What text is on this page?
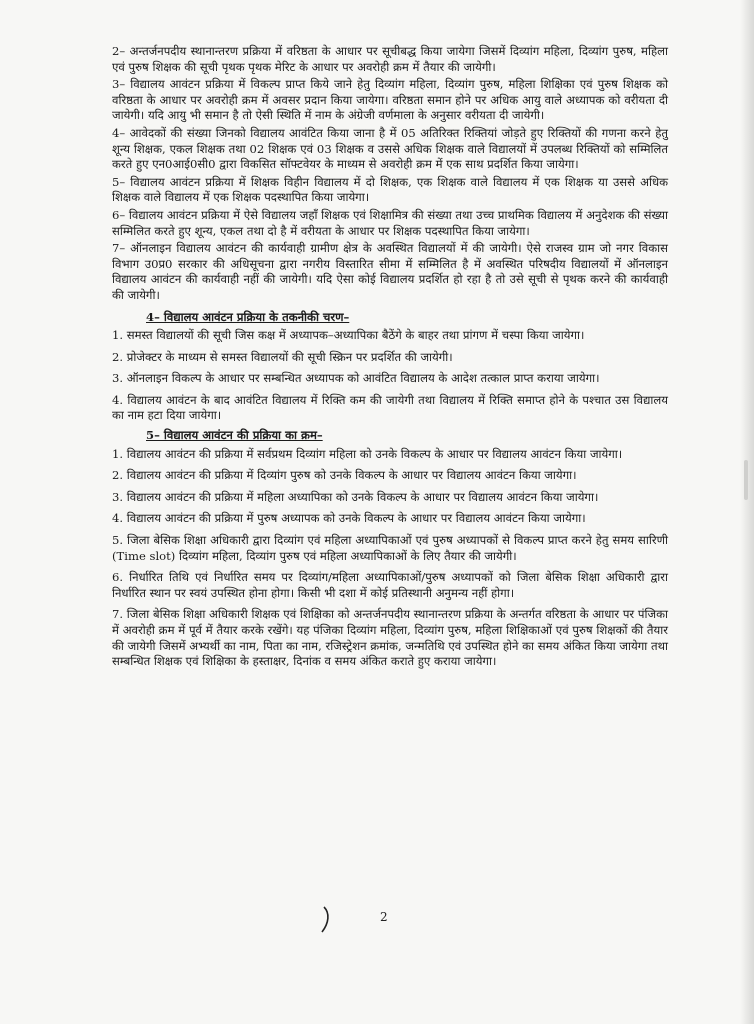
2– अन्तर्जनपदीय स्थानान्तरण प्रक्रिया में वरिष्ठता के आधार पर सूचीबद्ध किया जायेगा जिसमें दिव्यांग महिला, दिव्यांग पुरुष, महिला एवं पुरुष शिक्षक की सूची पृथक पृथक मेरिट के आधार पर अवरोही क्रम में तैयार की जायेगी।

3– विद्यालय आवंटन प्रक्रिया में विकल्प प्राप्त किये जाने हेतु दिव्यांग महिला, दिव्यांग पुरुष, महिला शिक्षिका एवं पुरुष शिक्षक को वरिष्ठता के आधार पर अवरोही क्रम में अवसर प्रदान किया जायेगा। वरिष्ठता समान होने पर अधिक आयु वाले अध्यापक को वरीयता दी जायेगी। यदि आयु भी समान है तो ऐसी स्थिति में नाम के अंग्रेजी वर्णमाला के अनुसार वरीयता दी जायेगी।

4– आवेदकों की संख्या जिनको विद्यालय आवंटित किया जाना है में 05 अतिरिक्त रिक्तियां जोड़ते हुए रिक्तियों की गणना करने हेतु शून्य शिक्षक, एकल शिक्षक तथा 02 शिक्षक एवं 03 शिक्षक व उससे अधिक शिक्षक वाले विद्यालयों में उपलब्ध रिक्तियों को सम्मिलित करते हुए एन0आई0सी0 द्वारा विकसित सॉफ्टवेयर के माध्यम से अवरोही क्रम में एक साथ प्रदर्शित किया जायेगा।

5– विद्यालय आवंटन प्रक्रिया में शिक्षक विहीन विद्यालय में दो शिक्षक, एक शिक्षक वाले विद्यालय में एक शिक्षक या उससे अधिक शिक्षक वाले विद्यालय में एक शिक्षक पदस्थापित किया जायेगा।

6– विद्यालय आवंटन प्रक्रिया में ऐसे विद्यालय जहाँ शिक्षक एवं शिक्षामित्र की संख्या तथा उच्च प्राथमिक विद्यालय में अनुदेशक की संख्या सम्मिलित करते हुए शून्य, एकल तथा दो है में वरीयता के आधार पर शिक्षक पदस्थापित किया जायेगा।

7– ऑनलाइन विद्यालय आवंटन की कार्यवाही ग्रामीण क्षेत्र के अवस्थित विद्यालयों में की जायेगी। ऐसे राजस्व ग्राम जो नगर विकास विभाग उ0प्र0 सरकार की अधिसूचना द्वारा नगरीय विस्तारित सीमा में सम्मिलित है में अवस्थित परिषदीय विद्यालयों में ऑनलाइन विद्यालय आवंटन की कार्यवाही नहीं की जायेगी। यदि ऐसा कोई विद्यालय प्रदर्शित हो रहा है तो उसे सूची से पृथक करने की कार्यवाही की जायेगी।

4– विद्यालय आवंटन प्रक्रिया के तकनीकी चरण–

1. समस्त विद्यालयों की सूची जिस कक्ष में अध्यापक–अध्यापिका बैठेंगे के बाहर तथा प्रांगण में चस्पा किया जायेगा।

2. प्रोजेक्टर के माध्यम से समस्त विद्यालयों की सूची स्क्रिन पर प्रदर्शित की जायेगी।

3. ऑनलाइन विकल्प के आधार पर सम्बन्धित अध्यापक को आवंटित विद्यालय के आदेश तत्काल प्राप्त कराया जायेगा।

4. विद्यालय आवंटन के बाद आवंटित विद्यालय में रिक्ति कम की जायेगी तथा विद्यालय में रिक्ति समाप्त होने के पश्चात उस विद्यालय का नाम हटा दिया जायेगा।

5– विद्यालय आवंटन की प्रक्रिया का क्रम–

1. विद्यालय आवंटन की प्रक्रिया में सर्वप्रथम दिव्यांग महिला को उनके विकल्प के आधार पर विद्यालय आवंटन किया जायेगा।

2. विद्यालय आवंटन की प्रक्रिया में दिव्यांग पुरुष को उनके विकल्प के आधार पर विद्यालय आवंटन किया जायेगा।

3. विद्यालय आवंटन की प्रक्रिया में महिला अध्यापिका को उनके विकल्प के आधार पर विद्यालय आवंटन किया जायेगा।

4. विद्यालय आवंटन की प्रक्रिया में पुरुष अध्यापक को उनके विकल्प के आधार पर विद्यालय आवंटन किया जायेगा।

5. जिला बेसिक शिक्षा अधिकारी द्वारा दिव्यांग एवं महिला अध्यापिकाओं एवं पुरुष अध्यापकों से विकल्प प्राप्त करने हेतु समय सारिणी (Time slot) दिव्यांग महिला, दिव्यांग पुरुष एवं महिला अध्यापिकाओं के लिए तैयार की जायेगी।

6. निर्धारित तिथि एवं निर्धारित समय पर दिव्यांग/महिला अध्यापिकाओं/पुरुष अध्यापकों को जिला बेसिक शिक्षा अधिकारी द्वारा निर्धारित स्थान पर स्वयं उपस्थित होना होगा। किसी भी दशा में कोई प्रतिस्थानी अनुमन्य नहीं होगा।

7. जिला बेसिक शिक्षा अधिकारी शिक्षक एवं शिक्षिका को अन्तर्जनपदीय स्थानान्तरण प्रक्रिया के अन्तर्गत वरिष्ठता के आधार पर पंजिका में अवरोही क्रम में पूर्व में तैयार करके रखेंगे। यह पंजिका दिव्यांग महिला, दिव्यांग पुरुष, महिला शिक्षिकाओं एवं पुरुष शिक्षकों की तैयार की जायेगी जिसमें अभ्यर्थी का नाम, पिता का नाम, रजिस्ट्रेशन क्रमांक, जन्मतिथि एवं उपस्थित होने का समय अंकित किया जायेगा तथा सम्बन्धित शिक्षक एवं शिक्षिका के हस्ताक्षर, दिनांक व समय अंकित कराते हुए कराया जायेगा।

2
